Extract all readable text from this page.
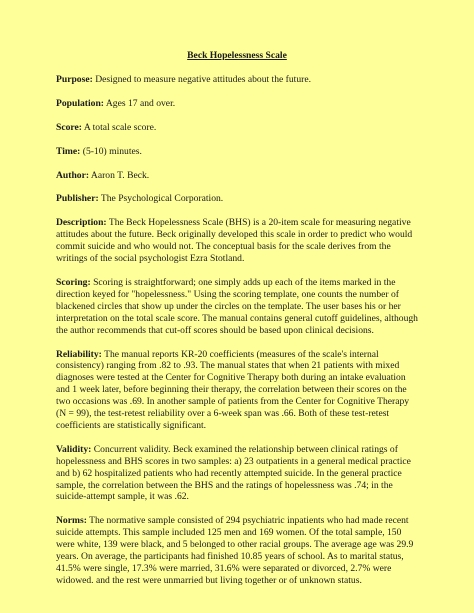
Beck Hopelessness Scale

Purpose: Designed to measure negative attitudes about the future.

Population: Ages 17 and over.

Score: A total scale score.

Time: (5-10) minutes.

Author: Aaron T. Beck.

Publisher: The Psychological Corporation.

Description: The Beck Hopelessness Scale (BHS) is a 20-item scale for measuring negative attitudes about the future. Beck originally developed this scale in order to predict who would commit suicide and who would not. The conceptual basis for the scale derives from the writings of the social psychologist Ezra Stotland.

Scoring: Scoring is straightforward; one simply adds up each of the items marked in the direction keyed for "hopelessness." Using the scoring template, one counts the number of blackened circles that show up under the circles on the template. The user bases his or her interpretation on the total scale score. The manual contains general cutoff guidelines, although the author recommends that cut-off scores should be based upon clinical decisions.

Reliability: The manual reports KR-20 coefficients (measures of the scale's internal consistency) ranging from .82 to .93. The manual states that when 21 patients with mixed diagnoses were tested at the Center for Cognitive Therapy both during an intake evaluation and 1 week later, before beginning their therapy, the correlation between their scores on the two occasions was .69. In another sample of patients from the Center for Cognitive Therapy (N = 99), the test-retest reliability over a 6-week span was .66. Both of these test-retest coefficients are statistically significant.

Validity: Concurrent validity. Beck examined the relationship between clinical ratings of hopelessness and BHS scores in two samples: a) 23 outpatients in a general medical practice and b) 62 hospitalized patients who had recently attempted suicide. In the general practice sample, the correlation between the BHS and the ratings of hopelessness was .74; in the suicide-attempt sample, it was .62.

Norms: The normative sample consisted of 294 psychiatric inpatients who had made recent suicide attempts. This sample included 125 men and 169 women. Of the total sample, 150 were white, 139 were black, and 5 belonged to other racial groups. The average age was 29.9 years. On average, the participants had finished 10.85 years of school. As to marital status, 41.5% were single, 17.3% were married, 31.6% were separated or divorced, 2.7% were widowed. and the rest were unmarried but living together or of unknown status.
